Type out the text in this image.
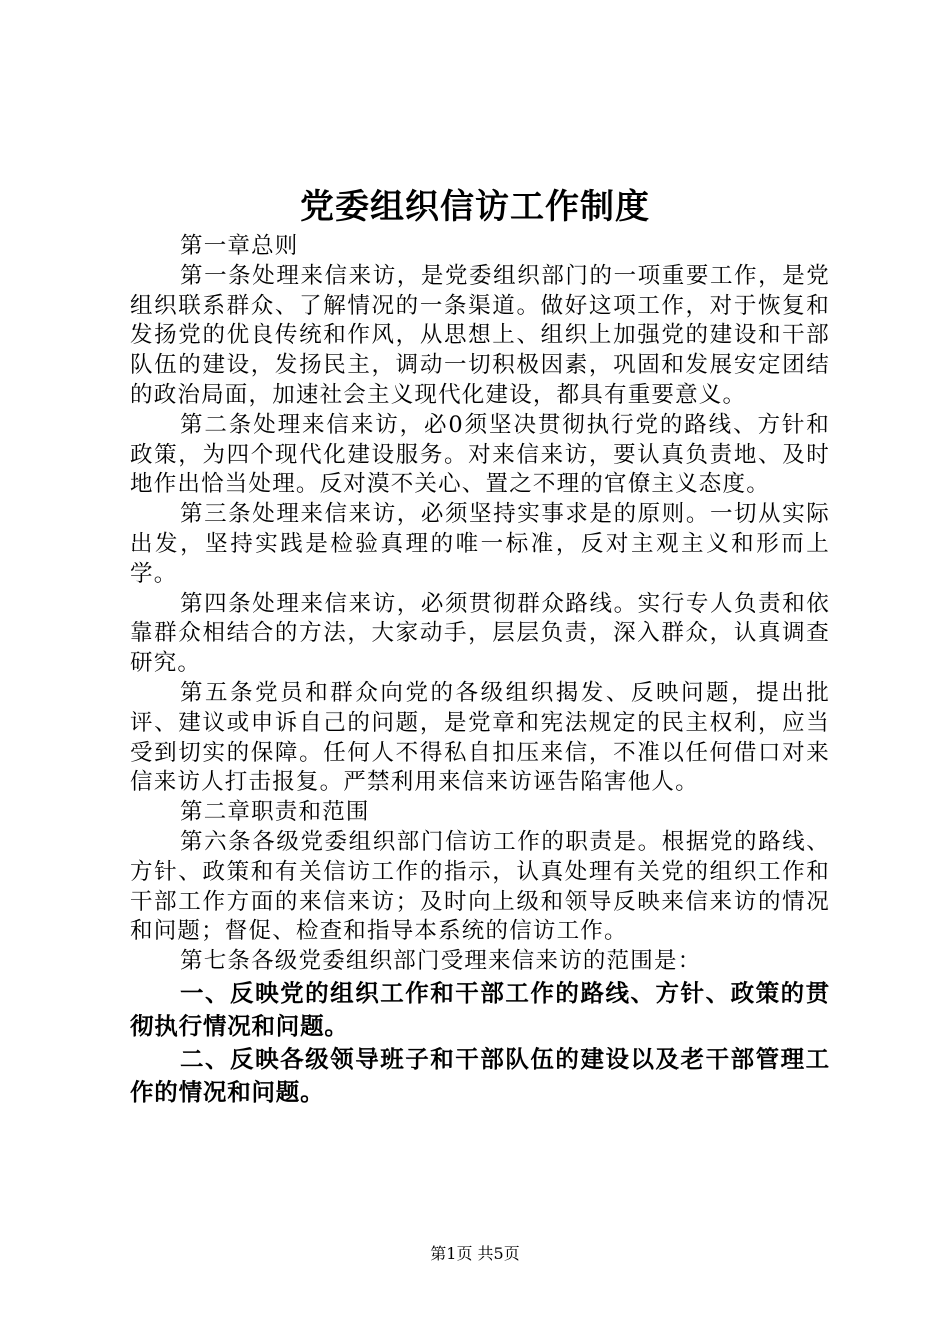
党委组织信访工作制度

第一章总则

第一条处理来信来访，是党委组织部门的一项重要工作，是党组织联系群众、了解情况的一条渠道。做好这项工作，对于恢复和发扬党的优良传统和作风，从思想上、组织上加强党的建设和干部队伍的建设，发扬民主，调动一切积极因素，巩固和发展安定团结的政治局面，加速社会主义现代化建设，都具有重要意义。

第二条处理来信来访，必0须坚决贯彻执行党的路线、方针和政策，为四个现代化建设服务。对来信来访，要认真负责地、及时地作出恰当处理。反对漠不关心、置之不理的官僚主义态度。

第三条处理来信来访，必须坚持实事求是的原则。一切从实际出发，坚持实践是检验真理的唯一标准，反对主观主义和形而上学。

第四条处理来信来访，必须贯彻群众路线。实行专人负责和依靠群众相结合的方法，大家动手，层层负责，深入群众，认真调查研究。

第五条党员和群众向党的各级组织揭发、反映问题，提出批评、建议或申诉自己的问题，是党章和宪法规定的民主权利，应当受到切实的保障。任何人不得私自扣压来信，不准以任何借口对来信来访人打击报复。严禁利用来信来访诬告陷害他人。

第二章职责和范围

第六条各级党委组织部门信访工作的职责是。根据党的路线、方针、政策和有关信访工作的指示，认真处理有关党的组织工作和干部工作方面的来信来访；及时向上级和领导反映来信来访的情况和问题；督促、检查和指导本系统的信访工作。

第七条各级党委组织部门受理来信来访的范围是：

一、反映党的组织工作和干部工作的路线、方针、政策的贯彻执行情况和问题。

二、反映各级领导班子和干部队伍的建设以及老干部管理工作的情况和问题。

第1页 共5页
